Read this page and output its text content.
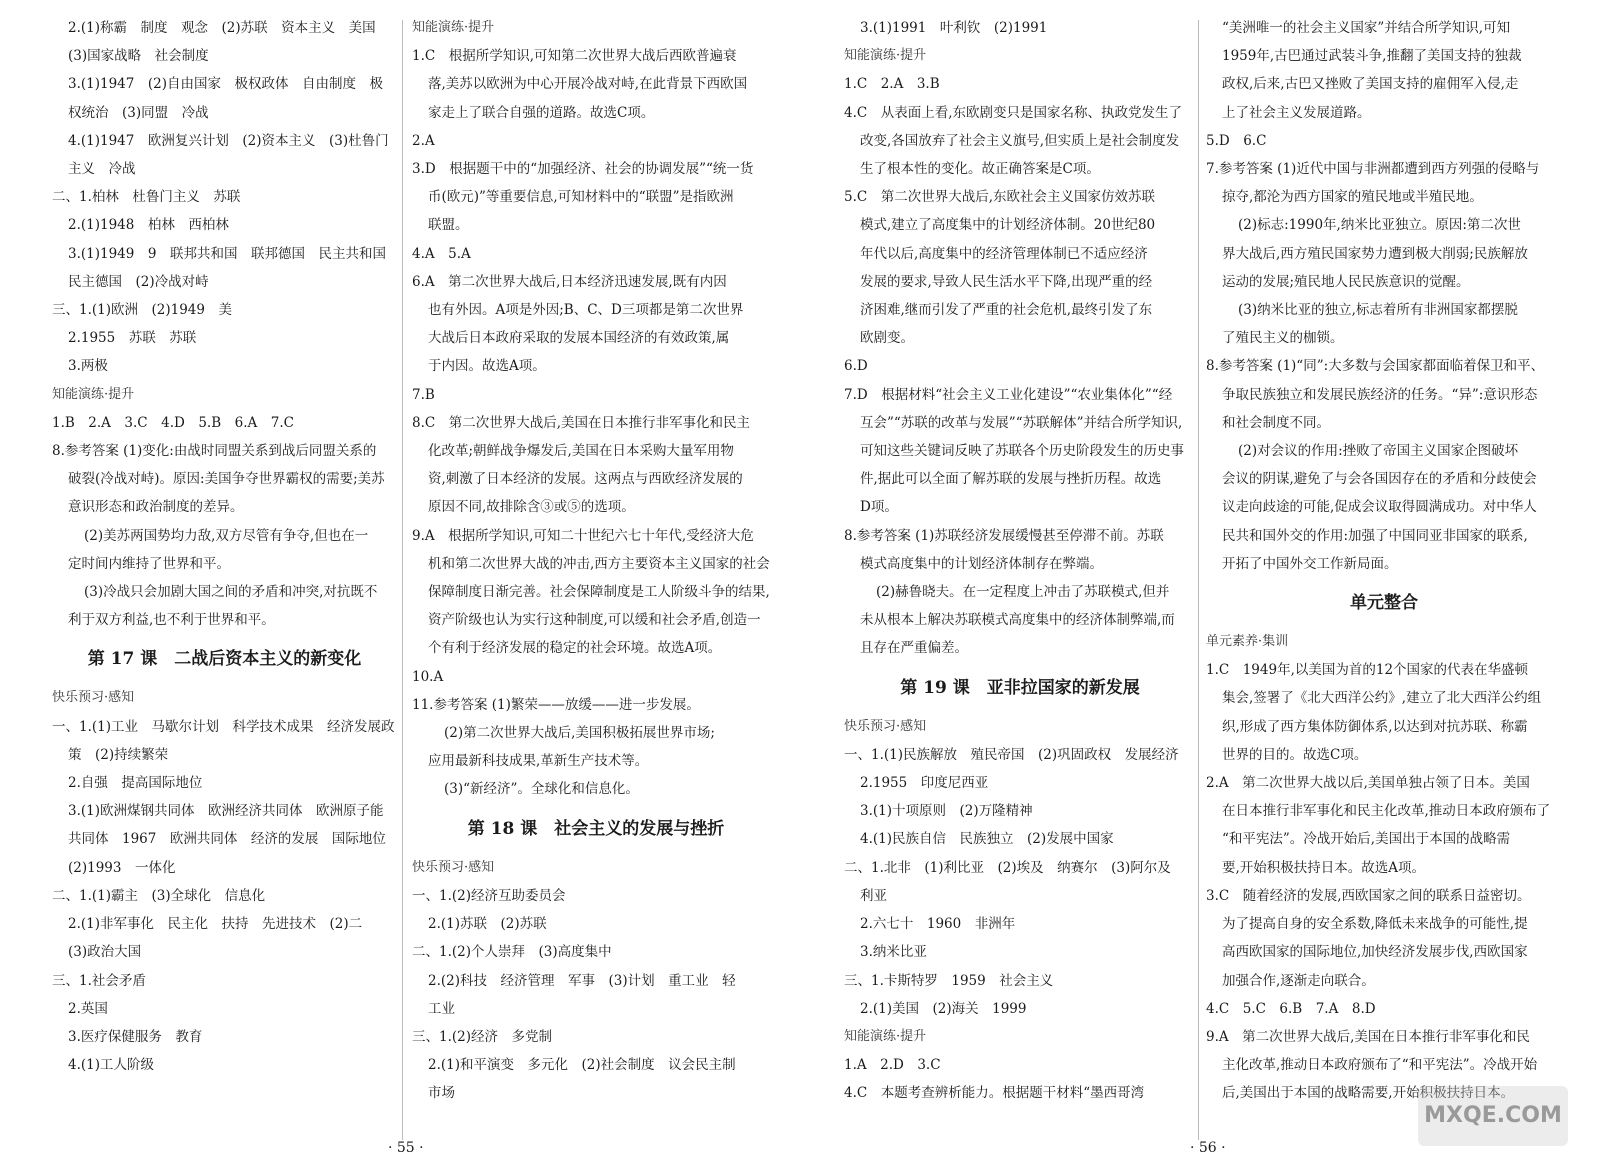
2.(1)称霸　制度　观念　(2)苏联　资本主义　美国
(3)国家战略　社会制度
3.(1)1947　(2)自由国家　极权政体　自由制度　极
权统治　(3)同盟　冷战
4.(1)1947　欧洲复兴计划　(2)资本主义　(3)杜鲁门
主义　冷战
二、1.柏林　杜鲁门主义　苏联
2.(1)1948　柏林　西柏林
3.(1)1949　9　联邦共和国　联邦德国　民主共和国
民主德国　(2)冷战对峙
三、1.(1)欧洲　(2)1949　美
2.1955　苏联　苏联
3.两极
知能演练·提升
1.B　2.A　3.C　4.D　5.B　6.A　7.C
8.参考答案 (1)变化:由战时同盟关系到战后同盟关系的
破裂(冷战对峙)。原因:美国争夺世界霸权的需要;美苏
意识形态和政治制度的差异。
(2)美苏两国势均力敌,双方尽管有争夺,但也在一
定时间内维持了世界和平。
(3)冷战只会加剧大国之间的矛盾和冲突,对抗既不
利于双方利益,也不利于世界和平。
第 17 课　二战后资本主义的新变化
快乐预习·感知
一、1.(1)工业　马歇尔计划　科学技术成果　经济发展政
策　(2)持续繁荣
2.自强　提高国际地位
3.(1)欧洲煤钢共同体　欧洲经济共同体　欧洲原子能
共同体　1967　欧洲共同体　经济的发展　国际地位
(2)1993　一体化
二、1.(1)霸主　(3)全球化　信息化
2.(1)非军事化　民主化　扶持　先进技术　(2)二
(3)政治大国
三、1.社会矛盾
2.英国
3.医疗保健服务　教育
4.(1)工人阶级
知能演练·提升
1.C　根据所学知识,可知第二次世界大战后西欧普遍衰
落,美苏以欧洲为中心开展冷战对峙,在此背景下西欧国
家走上了联合自强的道路。故选C项。
2.A
3.D　根据题干中的“加强经济、社会的协调发展”“统一货
币(欧元)”等重要信息,可知材料中的“联盟”是指欧洲
联盟。
4.A　5.A
6.A　第二次世界大战后,日本经济迅速发展,既有内因
也有外因。A项是外因;B、C、D三项都是第二次世界
大战后日本政府采取的发展本国经济的有效政策,属
于内因。故选A项。
7.B
8.C　第二次世界大战后,美国在日本推行非军事化和民主
化改革;朝鲜战争爆发后,美国在日本采购大量军用物
资,刺激了日本经济的发展。这两点与西欧经济发展的
原因不同,故排除含③或⑤的选项。
9.A　根据所学知识,可知二十世纪六七十年代,受经济大危
机和第二次世界大战的冲击,西方主要资本主义国家的社会
保障制度日渐完善。社会保障制度是工人阶级斗争的结果,
资产阶级也认为实行这种制度,可以缓和社会矛盾,创造一
个有利于经济发展的稳定的社会环境。故选A项。
10.A
11.参考答案 (1)繁荣——放缓——进一步发展。
(2)第二次世界大战后,美国积极拓展世界市场;
应用最新科技成果,革新生产技术等。
(3)“新经济”。全球化和信息化。
第 18 课　社会主义的发展与挫折
快乐预习·感知
一、1.(2)经济互助委员会
2.(1)苏联　(2)苏联
二、1.(2)个人崇拜　(3)高度集中
2.(2)科技　经济管理　军事　(3)计划　重工业　轻
工业
三、1.(2)经济　多党制
2.(1)和平演变　多元化　(2)社会制度　议会民主制
市场
3.(1)1991　叶利钦　(2)1991
知能演练·提升
1.C　2.A　3.B
4.C　从表面上看,东欧剧变只是国家名称、执政党发生了
改变,各国放弃了社会主义旗号,但实质上是社会制度发
生了根本性的变化。故正确答案是C项。
5.C　第二次世界大战后,东欧社会主义国家仿效苏联
模式,建立了高度集中的计划经济体制。20世纪80
年代以后,高度集中的经济管理体制已不适应经济
发展的要求,导致人民生活水平下降,出现严重的经
济困难,继而引发了严重的社会危机,最终引发了东
欧剧变。
6.D
7.D　根据材料“社会主义工业化建设”“农业集体化”“经
互会”“苏联的改革与发展”“苏联解体”并结合所学知识,
可知这些关键词反映了苏联各个历史阶段发生的历史事
件,据此可以全面了解苏联的发展与挫折历程。故选
D项。
8.参考答案 (1)苏联经济发展缓慢甚至停滞不前。苏联
模式高度集中的计划经济体制存在弊端。
(2)赫鲁晓夫。在一定程度上冲击了苏联模式,但并
未从根本上解决苏联模式高度集中的经济体制弊端,而
且存在严重偏差。
第 19 课　亚非拉国家的新发展
快乐预习·感知
一、1.(1)民族解放　殖民帝国　(2)巩固政权　发展经济
2.1955　印度尼西亚
3.(1)十项原则　(2)万隆精神
4.(1)民族自信　民族独立　(2)发展中国家
二、1.北非　(1)利比亚　(2)埃及　纳赛尔　(3)阿尔及
利亚
2.六七十　1960　非洲年
3.纳米比亚
三、1.卡斯特罗　1959　社会主义
2.(1)美国　(2)海关　1999
知能演练·提升
1.A　2.D　3.C
4.C　本题考查辨析能力。根据题干材料“墨西哥湾
“美洲唯一的社会主义国家”并结合所学知识,可知
1959年,古巴通过武装斗争,推翻了美国支持的独裁
政权,后来,古巴又挫败了美国支持的雇佣军入侵,走
上了社会主义发展道路。
5.D　6.C
7.参考答案 (1)近代中国与非洲都遭到西方列强的侵略与
掠夺,都沦为西方国家的殖民地或半殖民地。
(2)标志:1990年,纳米比亚独立。原因:第二次世
界大战后,西方殖民国家势力遭到极大削弱;民族解放
运动的发展;殖民地人民民族意识的觉醒。
(3)纳米比亚的独立,标志着所有非洲国家都摆脱
了殖民主义的枷锁。
8.参考答案 (1)“同”:大多数与会国家都面临着保卫和平、
争取民族独立和发展民族经济的任务。“异”:意识形态
和社会制度不同。
(2)对会议的作用:挫败了帝国主义国家企图破坏
会议的阴谋,避免了与会各国因存在的矛盾和分歧使会
议走向歧途的可能,促成会议取得圆满成功。对中华人
民共和国外交的作用:加强了中国同亚非国家的联系,
开拓了中国外交工作新局面。
单元整合
单元素养·集训
1.C　1949年,以美国为首的12个国家的代表在华盛顿
集会,签署了《北大西洋公约》,建立了北大西洋公约组
织,形成了西方集体防御体系,以达到对抗苏联、称霸
世界的目的。故选C项。
2.A　第二次世界大战以后,美国单独占领了日本。美国
在日本推行非军事化和民主化改革,推动日本政府颁布了
“和平宪法”。冷战开始后,美国出于本国的战略需
要,开始积极扶持日本。故选A项。
3.C　随着经济的发展,西欧国家之间的联系日益密切。
为了提高自身的安全系数,降低未来战争的可能性,提
高西欧国家的国际地位,加快经济发展步伐,西欧国家
加强合作,逐渐走向联合。
4.C　5.C　6.B　7.A　8.D
9.A　第二次世界大战后,美国在日本推行非军事化和民
主化改革,推动日本政府颁布了“和平宪法”。冷战开始
后,美国出于本国的战略需要,开始积极扶持日本。
· 55 ·	· 56 ·
MXQE.COM
